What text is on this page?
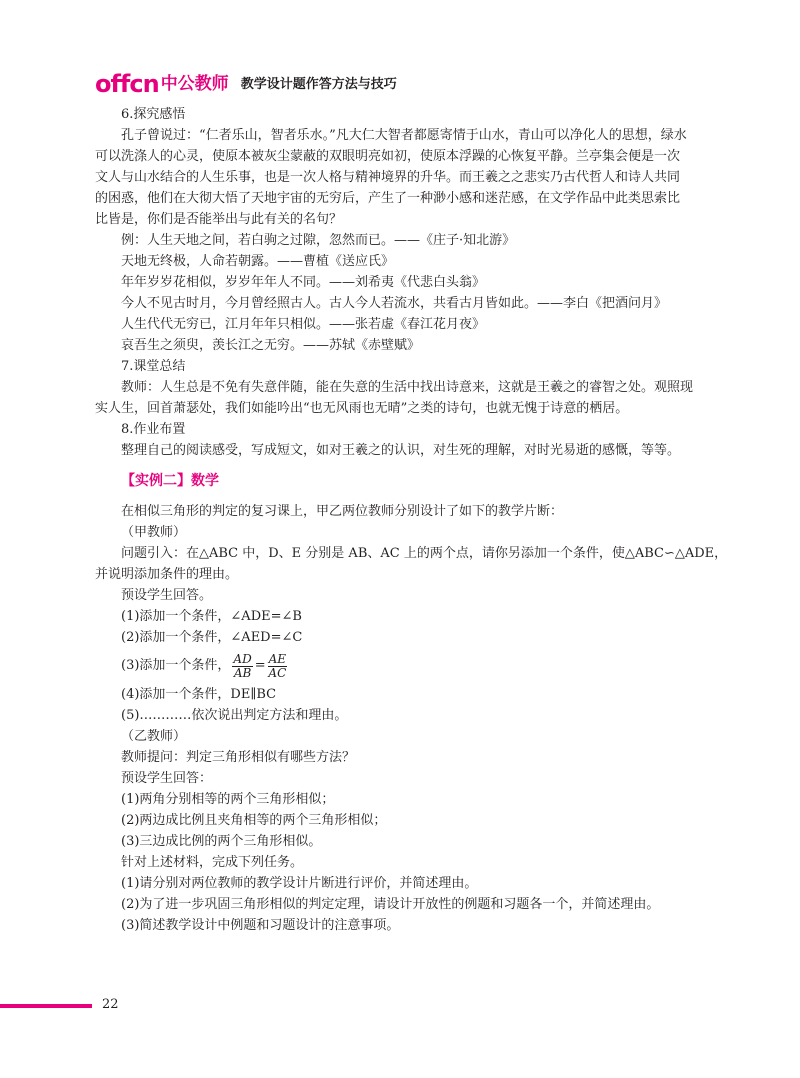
offcn 中公教师 教学设计题作答方法与技巧
6.探究感悟
孔子曾说过：“仁者乐山，智者乐水。”凡大仁大智者都愿寄情于山水，青山可以净化人的思想，绿水
可以洗涤人的心灵，使原本被灰尘蒙蔽的双眼明亮如初，使原本浮躁的心恢复平静。兰亭集会便是一次
文人与山水结合的人生乐事，也是一次人格与精神境界的升华。而王羲之之悲实乃古代哲人和诗人共同
的困惑，他们在大彻大悟了天地宇宙的无穷后，产生了一种渺小感和迷茫感，在文学作品中此类思索比
比皆是，你们是否能举出与此有关的名句？
例：人生天地之间，若白驹之过隙，忽然而已。——《庄子·知北游》
天地无终极，人命若朝露。——曹植《送应氏》
年年岁岁花相似，岁岁年年人不同。——刘希夷《代悲白头翁》
今人不见古时月，今月曾经照古人。古人今人若流水，共看古月皆如此。——李白《把酒问月》
人生代代无穷已，江月年年只相似。——张若虚《春江花月夜》
哀吾生之须臾，羡长江之无穷。——苏轼《赤壁赋》
7.课堂总结
教师：人生总是不免有失意伴随，能在失意的生活中找出诗意来，这就是王羲之的睿智之处。观照现
实人生，回首萧瑟处，我们如能吟出“也无风雨也无晴”之类的诗句，也就无愧于诗意的栖居。
8.作业布置
整理自己的阅读感受，写成短文，如对王羲之的认识，对生死的理解，对时光易逝的感慨，等等。
【实例二】数学
在相似三角形的判定的复习课上，甲乙两位教师分别设计了如下的教学片断：
（甲教师）
问题引入：在△ABC 中，D、E 分别是 AB、AC 上的两个点，请你另添加一个条件，使△ABC∽△ADE，
并说明添加条件的理由。
预设学生回答。
(1)添加一个条件，∠ADE=∠B
(2)添加一个条件，∠AED=∠C
(3)添加一个条件， $\frac{AD}{AB} = \frac{AE}{AC}$
(4)添加一个条件，DE∥BC
(5)…………依次说出判定方法和理由。
（乙教师）
教师提问：判定三角形相似有哪些方法？
预设学生回答：
(1)两角分别相等的两个三角形相似；
(2)两边成比例且夹角相等的两个三角形相似；
(3)三边成比例的两个三角形相似。
针对上述材料，完成下列任务。
(1)请分别对两位教师的教学设计片断进行评价，并简述理由。
(2)为了进一步巩固三角形相似的判定定理，请设计开放性的例题和习题各一个，并简述理由。
(3)简述教学设计中例题和习题设计的注意事项。
22
